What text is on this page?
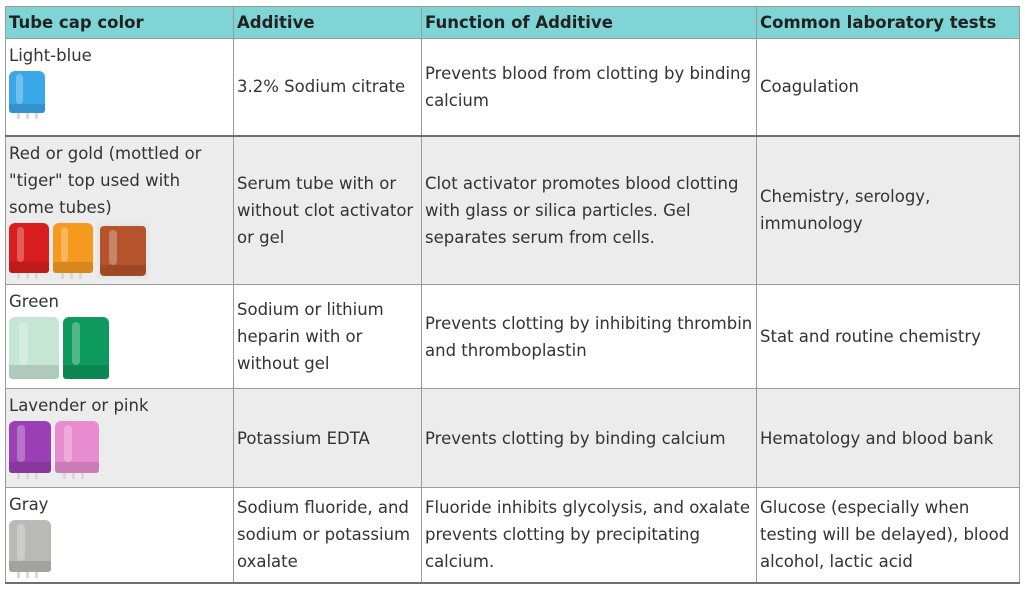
Tube cap color	Additive	Function of Additive	Common laboratory tests

Light-blue	3.2% Sodium citrate	Prevents blood from clotting by binding calcium	Coagulation

Red or gold (mottled or "tiger" top used with some tubes)	Serum tube with or without clot activator or gel	Clot activator promotes blood clotting with glass or silica particles. Gel separates serum from cells.	Chemistry, serology, immunology

Green	Sodium or lithium heparin with or without gel	Prevents clotting by inhibiting thrombin and thromboplastin	Stat and routine chemistry

Lavender or pink	Potassium EDTA	Prevents clotting by binding calcium	Hematology and blood bank

Gray	Sodium fluoride, and sodium or potassium oxalate	Fluoride inhibits glycolysis, and oxalate prevents clotting by precipitating calcium.	Glucose (especially when testing will be delayed), blood alcohol, lactic acid
